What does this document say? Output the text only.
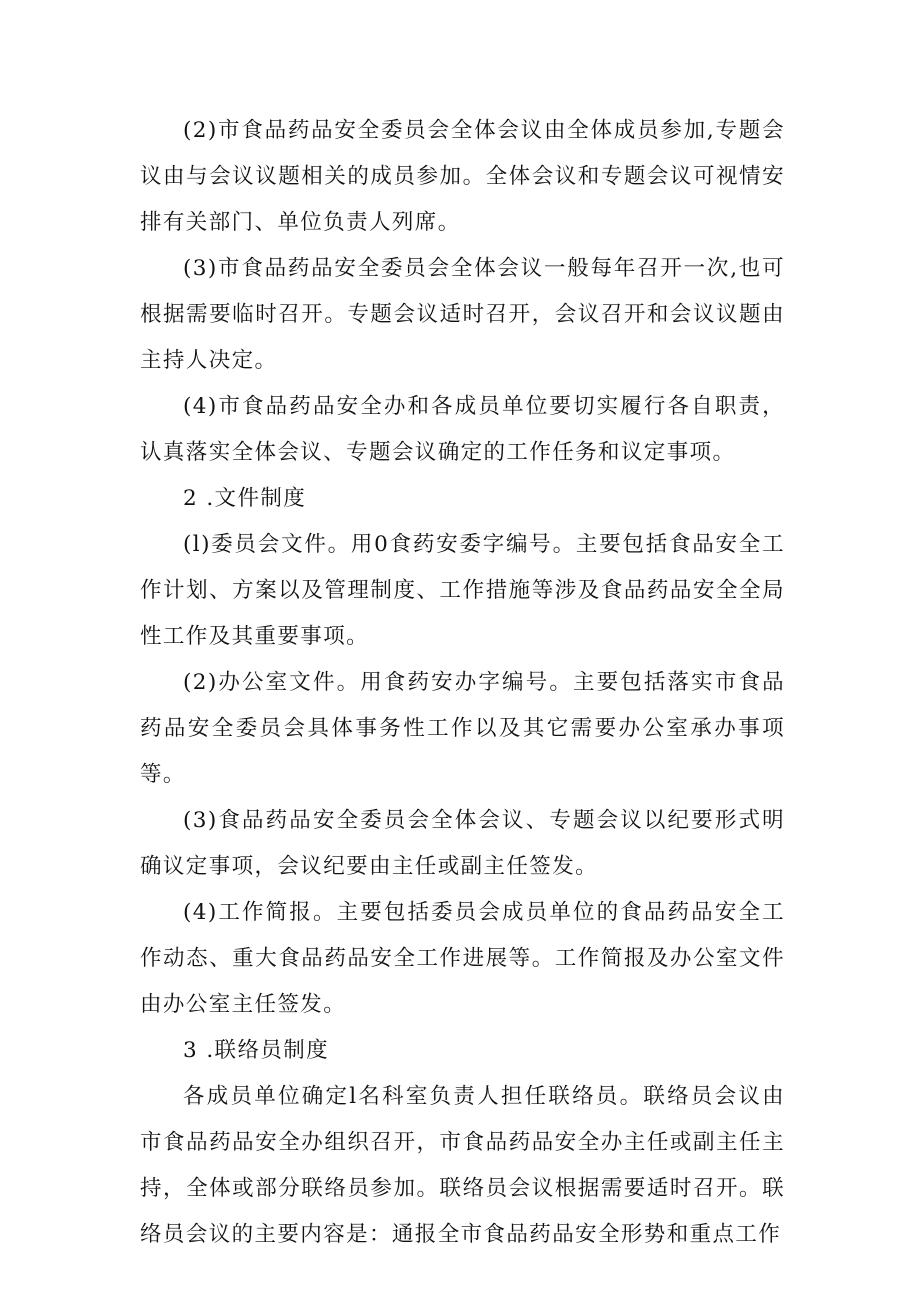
(2)市食品药品安全委员会全体会议由全体成员参加,专题会议由与会议议题相关的成员参加。全体会议和专题会议可视情安排有关部门、单位负责人列席。

(3)市食品药品安全委员会全体会议一般每年召开一次,也可根据需要临时召开。专题会议适时召开，会议召开和会议议题由主持人决定。

(4)市食品药品安全办和各成员单位要切实履行各自职责，认真落实全体会议、专题会议确定的工作任务和议定事项。

2 .文件制度

(l)委员会文件。用0食药安委字编号。主要包括食品安全工作计划、方案以及管理制度、工作措施等涉及食品药品安全全局性工作及其重要事项。

(2)办公室文件。用食药安办字编号。主要包括落实市食品药品安全委员会具体事务性工作以及其它需要办公室承办事项等。

(3)食品药品安全委员会全体会议、专题会议以纪要形式明确议定事项，会议纪要由主任或副主任签发。

(4)工作简报。主要包括委员会成员单位的食品药品安全工作动态、重大食品药品安全工作进展等。工作简报及办公室文件由办公室主任签发。

3 .联络员制度

各成员单位确定l名科室负责人担任联络员。联络员会议由市食品药品安全办组织召开，市食品药品安全办主任或副主任主持，全体或部分联络员参加。联络员会议根据需要适时召开。联络员会议的主要内容是：通报全市食品药品安全形势和重点工作
